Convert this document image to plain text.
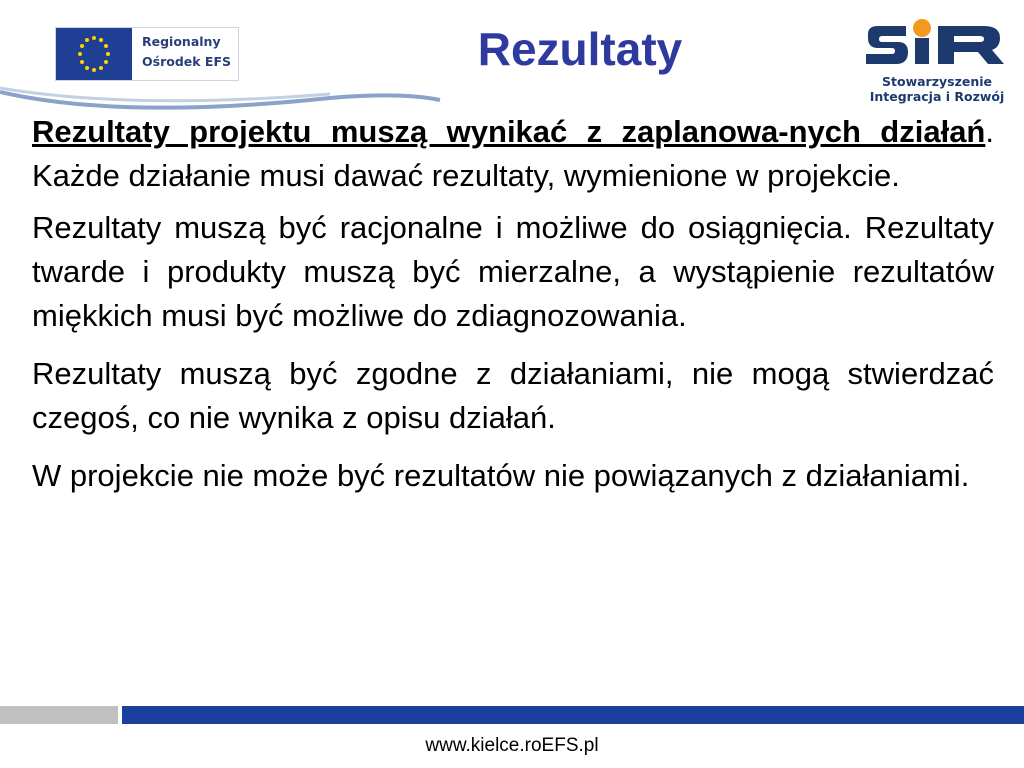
Regionalny
Ośrodek EFS	Rezultaty
Stowarzyszenie
Integracja i Rozwój

Rezultaty projektu muszą wynikać z zaplanowa-nych działań. Każde działanie musi dawać rezultaty, wymienione w projekcie.

Rezultaty muszą być racjonalne i możliwe do osiągnięcia. Rezultaty twarde i produkty muszą być mierzalne, a wystąpienie rezultatów miękkich musi być możliwe do zdiagnozowania.

Rezultaty muszą być zgodne z działaniami, nie mogą stwierdzać czegoś, co nie wynika z opisu działań.

W projekcie nie może być rezultatów nie powiązanych z działaniami.

www.kielce.roEFS.pl
